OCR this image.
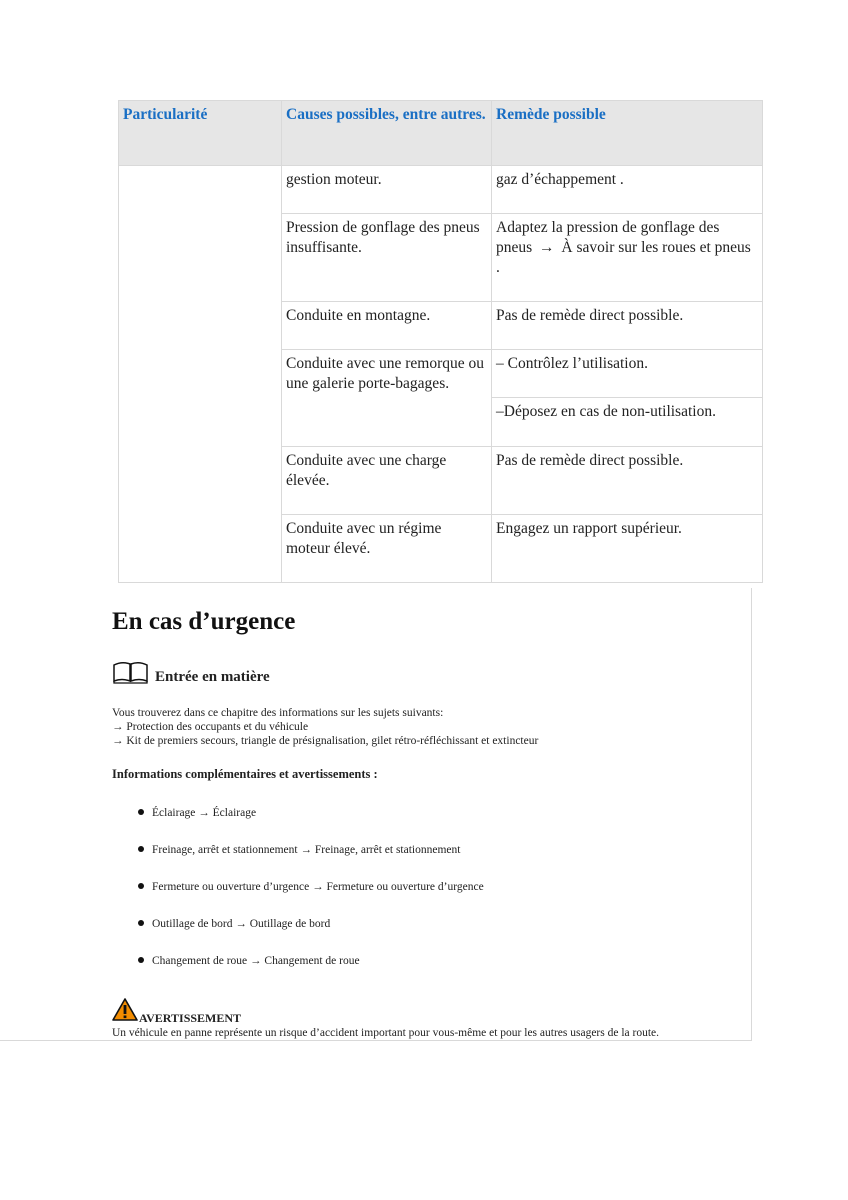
Particularité	Causes possibles, entre autres.	Remède possible
	gestion moteur.	gaz d’échappement .
	Pression de gonflage des pneus insuffisante.	Adaptez la pression de gonflage des pneus → À savoir sur les roues et pneus .
	Conduite en montagne.	Pas de remède direct possible.
	Conduite avec une remorque ou une galerie porte-bagages.	– Contrôlez l’utilisation.
		–Déposez en cas de non-utilisation.
	Conduite avec une charge élevée.	Pas de remède direct possible.
	Conduite avec un régime moteur élevé.	Engagez un rapport supérieur.
En cas d’urgence
Entrée en matière
Vous trouverez dans ce chapitre des informations sur les sujets suivants:
→ Protection des occupants et du véhicule
→ Kit de premiers secours, triangle de présignalisation, gilet rétro-réfléchissant et extincteur
Informations complémentaires et avertissements :
Éclairage → Éclairage
Freinage, arrêt et stationnement → Freinage, arrêt et stationnement
Fermeture ou ouverture d’urgence → Fermeture ou ouverture d’urgence
Outillage de bord → Outillage de bord
Changement de roue → Changement de roue
AVERTISSEMENT
Un véhicule en panne représente un risque d’accident important pour vous-même et pour les autres usagers de la route.
